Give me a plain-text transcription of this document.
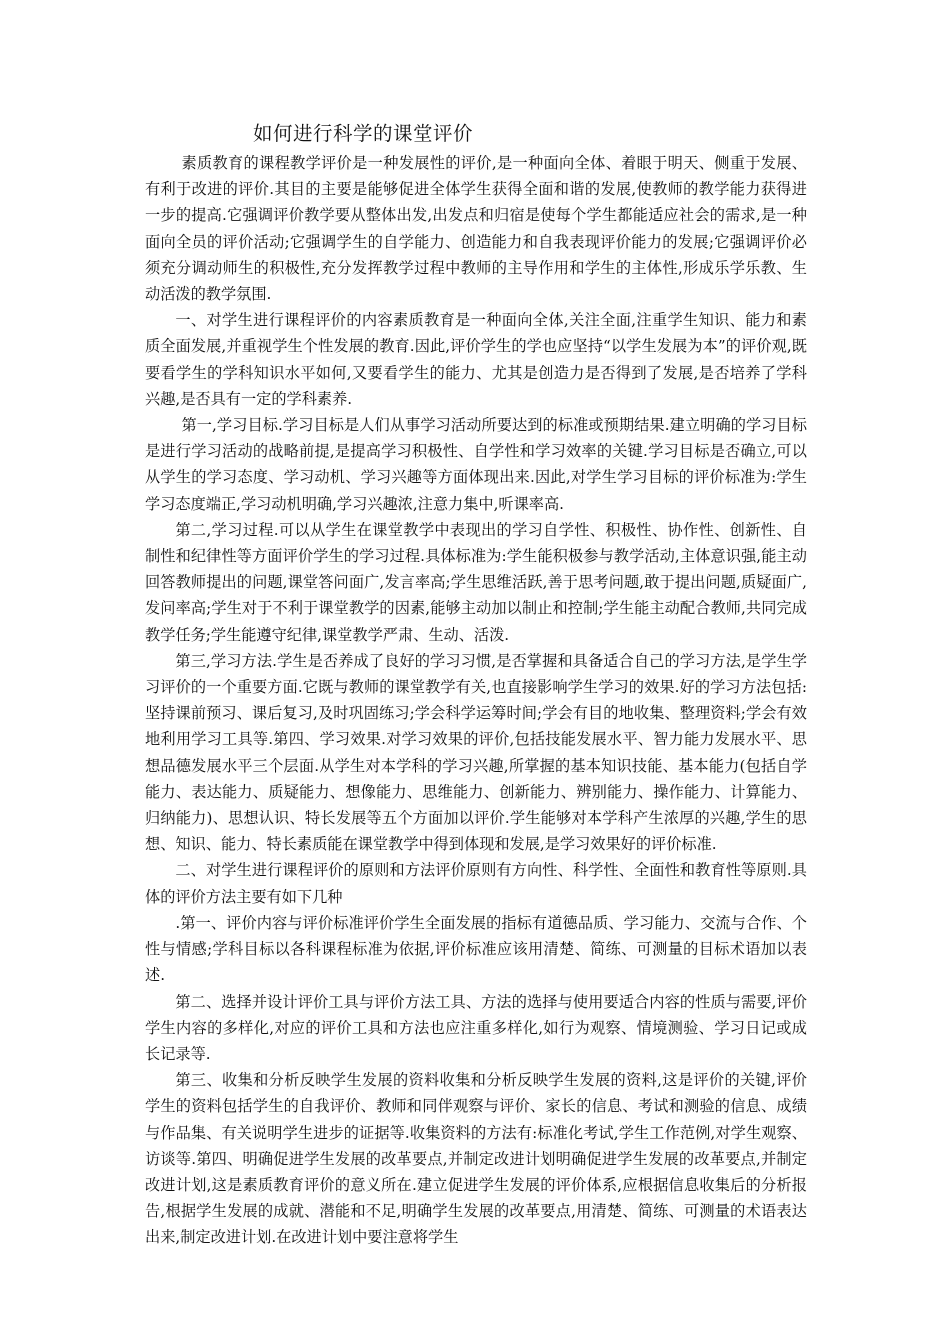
如何进行科学的课堂评价

素质教育的课程教学评价是一种发展性的评价,是一种面向全体、着眼于明天、侧重于发展、有利于改进的评价.其目的主要是能够促进全体学生获得全面和谐的发展,使教师的教学能力获得进一步的提高.它强调评价教学要从整体出发,出发点和归宿是使每个学生都能适应社会的需求,是一种面向全员的评价活动;它强调学生的自学能力、创造能力和自我表现评价能力的发展;它强调评价必须充分调动师生的积极性,充分发挥教学过程中教师的主导作用和学生的主体性,形成乐学乐教、生动活泼的教学氛围.

一、对学生进行课程评价的内容素质教育是一种面向全体,关注全面,注重学生知识、能力和素质全面发展,并重视学生个性发展的教育.因此,评价学生的学也应坚持“以学生发展为本”的评价观,既要看学生的学科知识水平如何,又要看学生的能力、尤其是创造力是否得到了发展,是否培养了学科兴趣,是否具有一定的学科素养.

第一,学习目标.学习目标是人们从事学习活动所要达到的标准或预期结果.建立明确的学习目标是进行学习活动的战略前提,是提高学习积极性、自学性和学习效率的关键.学习目标是否确立,可以从学生的学习态度、学习动机、学习兴趣等方面体现出来.因此,对学生学习目标的评价标准为:学生学习态度端正,学习动机明确,学习兴趣浓,注意力集中,听课率高.

第二,学习过程.可以从学生在课堂教学中表现出的学习自学性、积极性、协作性、创新性、自制性和纪律性等方面评价学生的学习过程.具体标准为:学生能积极参与教学活动,主体意识强,能主动回答教师提出的问题,课堂答问面广,发言率高;学生思维活跃,善于思考问题,敢于提出问题,质疑面广,发问率高;学生对于不利于课堂教学的因素,能够主动加以制止和控制;学生能主动配合教师,共同完成教学任务;学生能遵守纪律,课堂教学严肃、生动、活泼.

第三,学习方法.学生是否养成了良好的学习习惯,是否掌握和具备适合自己的学习方法,是学生学习评价的一个重要方面.它既与教师的课堂教学有关,也直接影响学生学习的效果.好的学习方法包括:坚持课前预习、课后复习,及时巩固练习;学会科学运筹时间;学会有目的地收集、整理资料;学会有效地利用学习工具等.第四、学习效果.对学习效果的评价,包括技能发展水平、智力能力发展水平、思想品德发展水平三个层面.从学生对本学科的学习兴趣,所掌握的基本知识技能、基本能力(包括自学能力、表达能力、质疑能力、想像能力、思维能力、创新能力、辨别能力、操作能力、计算能力、归纳能力)、思想认识、特长发展等五个方面加以评价.学生能够对本学科产生浓厚的兴趣,学生的思想、知识、能力、特长素质能在课堂教学中得到体现和发展,是学习效果好的评价标准.

二、对学生进行课程评价的原则和方法评价原则有方向性、科学性、全面性和教育性等原则.具体的评价方法主要有如下几种

.第一、评价内容与评价标准评价学生全面发展的指标有道德品质、学习能力、交流与合作、个性与情感;学科目标以各科课程标准为依据,评价标准应该用清楚、简练、可测量的目标术语加以表述.

第二、选择并设计评价工具与评价方法工具、方法的选择与使用要适合内容的性质与需要,评价学生内容的多样化,对应的评价工具和方法也应注重多样化,如行为观察、情境测验、学习日记或成长记录等.

第三、收集和分析反映学生发展的资料收集和分析反映学生发展的资料,这是评价的关键,评价学生的资料包括学生的自我评价、教师和同伴观察与评价、家长的信息、考试和测验的信息、成绩与作品集、有关说明学生进步的证据等.收集资料的方法有:标准化考试,学生工作范例,对学生观察、访谈等.第四、明确促进学生发展的改革要点,并制定改进计划明确促进学生发展的改革要点,并制定改进计划,这是素质教育评价的意义所在.建立促进学生发展的评价体系,应根据信息收集后的分析报告,根据学生发展的成就、潜能和不足,明确学生发展的改革要点,用清楚、简练、可测量的术语表达出来,制定改进计划.在改进计划中要注意将学生
